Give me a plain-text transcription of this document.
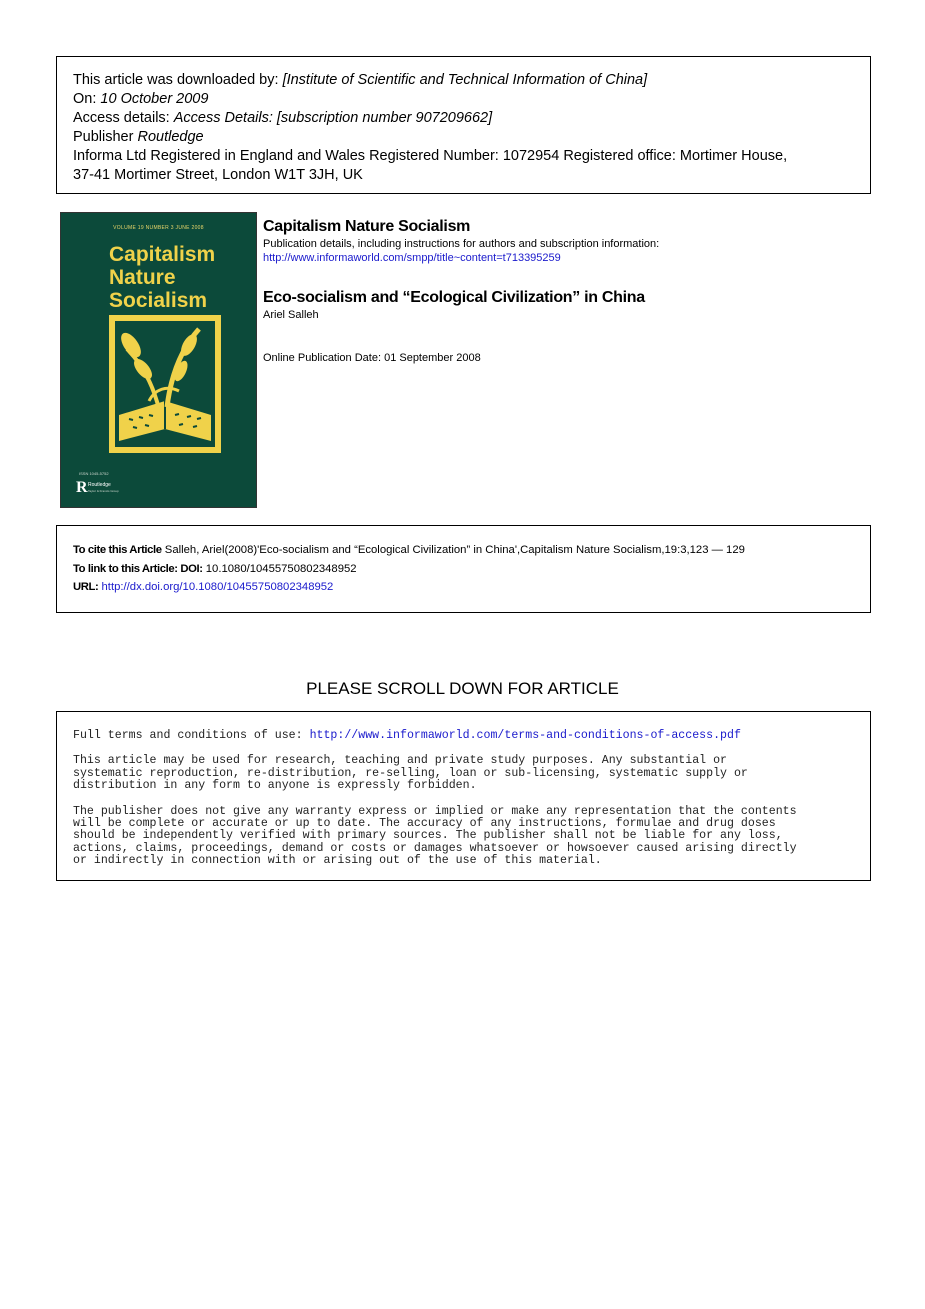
This article was downloaded by: [Institute of Scientific and Technical Information of China]
On: 10 October 2009
Access details: Access Details: [subscription number 907209662]
Publisher Routledge
Informa Ltd Registered in England and Wales Registered Number: 1072954 Registered office: Mortimer House,
37-41 Mortimer Street, London W1T 3JH, UK
VOLUME 19 NUMBER 3 JUNE 2008
Capitalism
Nature
Socialism
ISSN 1045-5752
R Routledge
Taylor & Francis Group
Capitalism Nature Socialism
Publication details, including instructions for authors and subscription information:
http://www.informaworld.com/smpp/title~content=t713395259
Eco-socialism and “Ecological Civilization” in China
Ariel Salleh
Online Publication Date: 01 September 2008
To cite this Article Salleh, Ariel(2008)'Eco-socialism and “Ecological Civilization” in China',Capitalism Nature Socialism,19:3,123 — 129
To link to this Article: DOI: 10.1080/10455750802348952
URL: http://dx.doi.org/10.1080/10455750802348952
PLEASE SCROLL DOWN FOR ARTICLE

Full terms and conditions of use: http://www.informaworld.com/terms-and-conditions-of-access.pdf

This article may be used for research, teaching and private study purposes. Any substantial or
systematic reproduction, re-distribution, re-selling, loan or sub-licensing, systematic supply or
distribution in any form to anyone is expressly forbidden.

The publisher does not give any warranty express or implied or make any representation that the contents
will be complete or accurate or up to date. The accuracy of any instructions, formulae and drug doses
should be independently verified with primary sources. The publisher shall not be liable for any loss,
actions, claims, proceedings, demand or costs or damages whatsoever or howsoever caused arising directly
or indirectly in connection with or arising out of the use of this material.
